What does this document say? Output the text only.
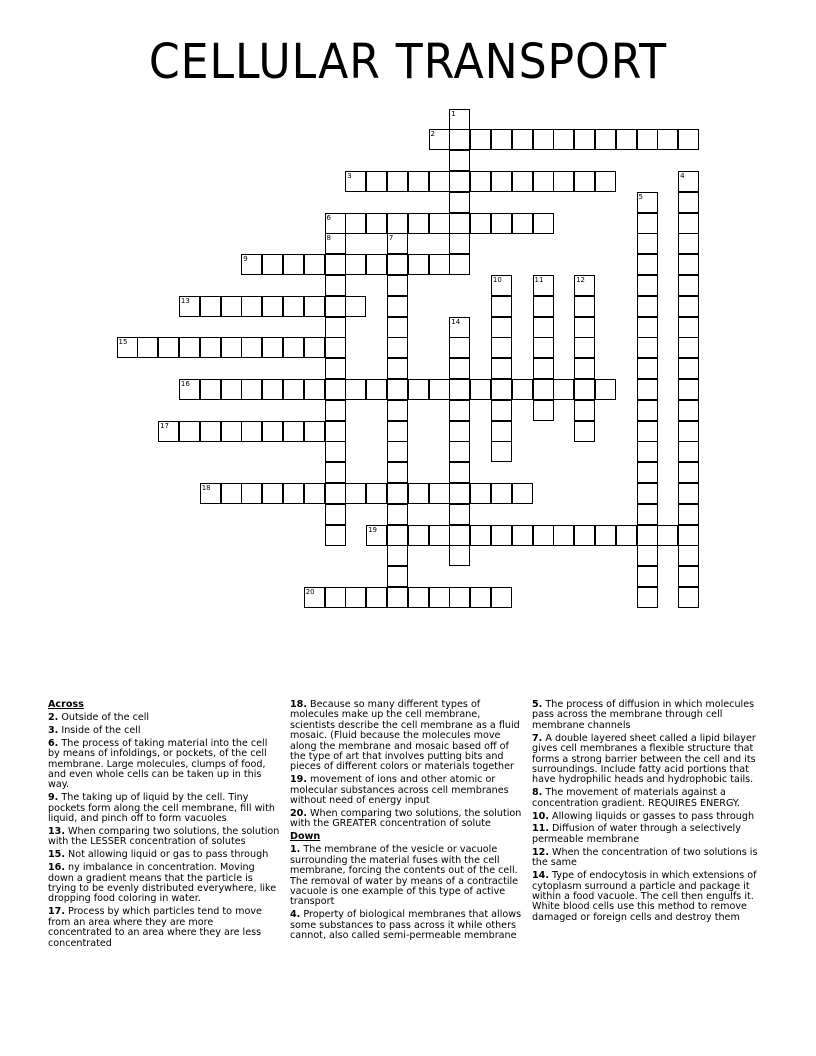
CELLULAR TRANSPORT
1
2
3	4
5
6
7
8
9
10	11	12
13
14
15
16
17
18
19
20

Across

2. Outside of the cell

3. Inside of the cell

6. The process of taking material into the cell by means of infoldings, or pockets, of the cell membrane. Large molecules, clumps of food, and even whole cells can be taken up in this way.

9. The taking up of liquid by the cell. Tiny pockets form along the cell membrane, fill with liquid, and pinch off to form vacuoles

13. When comparing two solutions, the solution with the LESSER concentration of solutes

15. Not allowing liquid or gas to pass through

16. ny imbalance in concentration. Moving down a gradient means that the particle is trying to be evenly distributed everywhere, like dropping food coloring in water.

17. Process by which particles tend to move from an area where they are more concentrated to an area where they are less concentrated

18. Because so many different types of molecules make up the cell membrane, scientists describe the cell membrane as a fluid mosaic. (Fluid because the molecules move along the membrane and mosaic based off of the type of art that involves putting bits and pieces of different colors or materials together

19. movement of ions and other atomic or molecular substances across cell membranes without need of energy input

20. When comparing two solutions, the solution with the GREATER concentration of solute

Down

1. The membrane of the vesicle or vacuole surrounding the material fuses with the cell membrane, forcing the contents out of the cell. The removal of water by means of a contractile vacuole is one example of this type of active transport

4. Property of biological membranes that allows some substances to pass across it while others cannot, also called semi-permeable membrane

5. The process of diffusion in which molecules pass across the membrane through cell membrane channels

7. A double layered sheet called a lipid bilayer gives cell membranes a flexible structure that forms a strong barrier between the cell and its surroundings. Include fatty acid portions that have hydrophilic heads and hydrophobic tails.

8. The movement of materials against a concentration gradient. REQUIRES ENERGY.

10. Allowing liquids or gasses to pass through

11. Diffusion of water through a selectively permeable membrane

12. When the concentration of two solutions is the same

14. Type of endocytosis in which extensions of cytoplasm surround a particle and package it within a food vacuole. The cell then engulfs it. White blood cells use this method to remove damaged or foreign cells and destroy them
